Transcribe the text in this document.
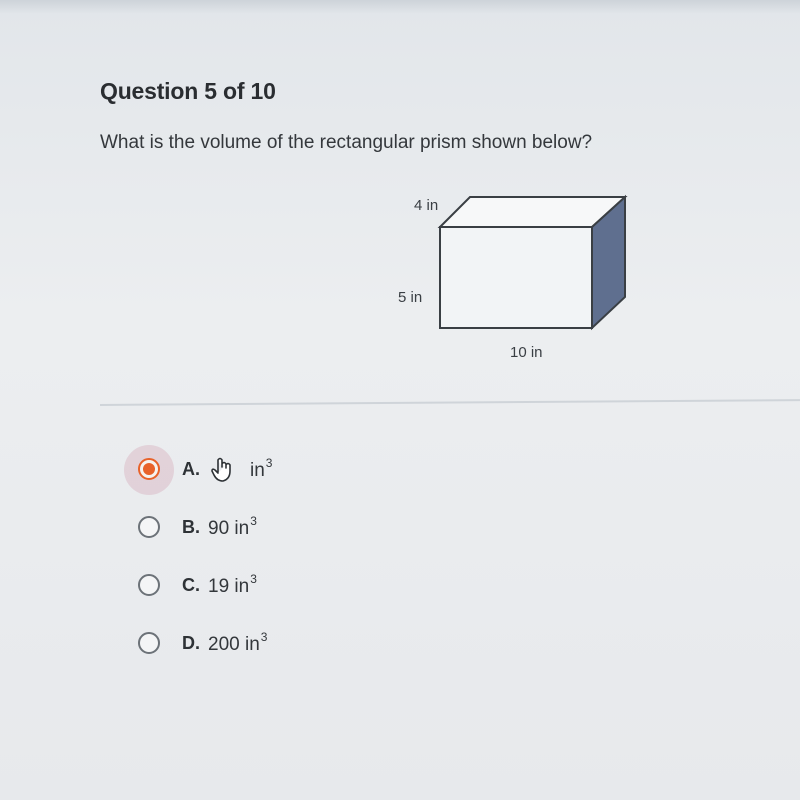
Question 5 of 10
What is the volume of the rectangular prism shown below?
4 in
5 in
10 in
A.	$in^3$
B. 90 $in^3$
C. 19 $in^3$
D. 200 $in^3$
